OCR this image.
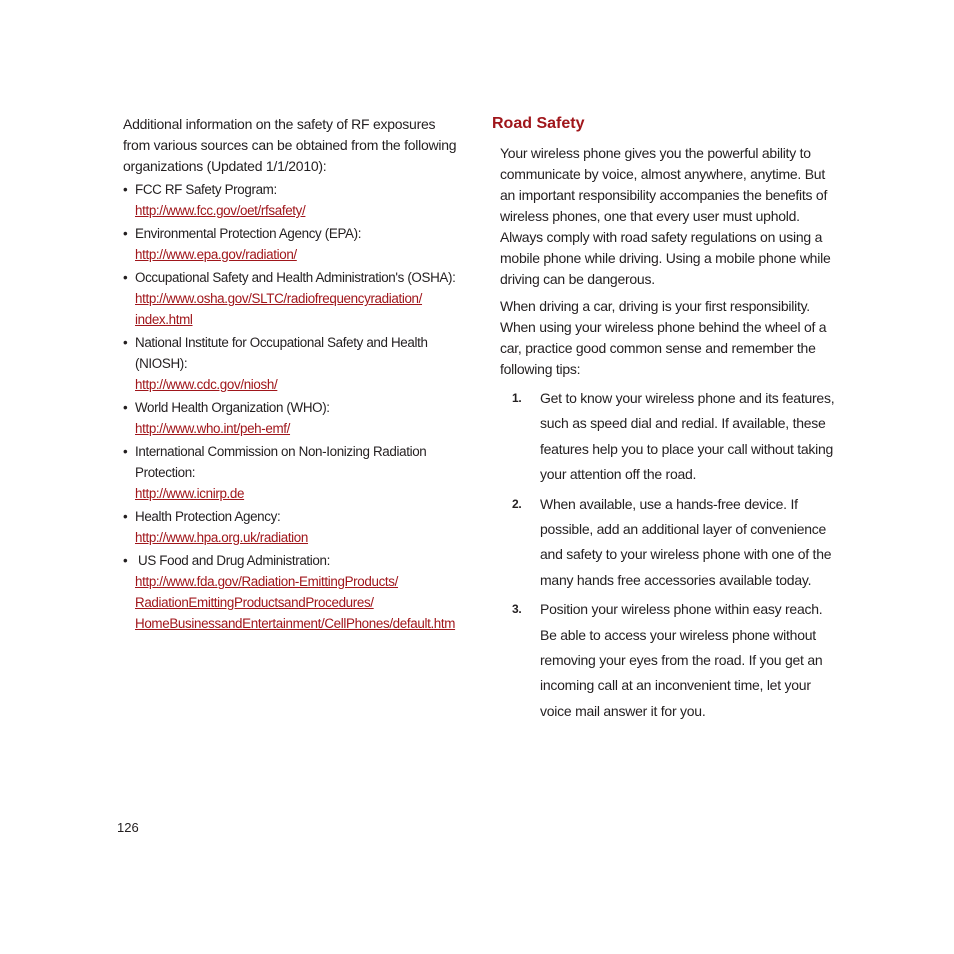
Additional information on the safety of RF exposures from various sources can be obtained from the following organizations (Updated 1/1/2010):

• FCC RF Safety Program:
http://www.fcc.gov/oet/rfsafety/
• Environmental Protection Agency (EPA):
http://www.epa.gov/radiation/
• Occupational Safety and Health Administration's (OSHA):
http://www.osha.gov/SLTC/radiofrequencyradiation/
index.html
• National Institute for Occupational Safety and Health
(NIOSH):
http://www.cdc.gov/niosh/
• World Health Organization (WHO):
http://www.who.int/peh-emf/
• International Commission on Non-Ionizing Radiation
Protection:
http://www.icnirp.de
• Health Protection Agency:
http://www.hpa.org.uk/radiation
• US Food and Drug Administration:
http://www.fda.gov/Radiation-EmittingProducts/
RadiationEmittingProductsandProcedures/
HomeBusinessandEntertainment/CellPhones/default.htm
Road Safety

Your wireless phone gives you the powerful ability to communicate by voice, almost anywhere, anytime. But an important responsibility accompanies the benefits of wireless phones, one that every user must uphold. Always comply with road safety regulations on using a mobile phone while driving. Using a mobile phone while driving can be dangerous.

When driving a car, driving is your first responsibility. When using your wireless phone behind the wheel of a car, practice good common sense and remember the following tips:

1. Get to know your wireless phone and its features, such as speed dial and redial. If available, these features help you to place your call without taking your attention off the road.
2. When available, use a hands-free device. If possible, add an additional layer of convenience and safety to your wireless phone with one of the many hands free accessories available today.
3. Position your wireless phone within easy reach. Be able to access your wireless phone without removing your eyes from the road. If you get an incoming call at an inconvenient time, let your voice mail answer it for you.
126
